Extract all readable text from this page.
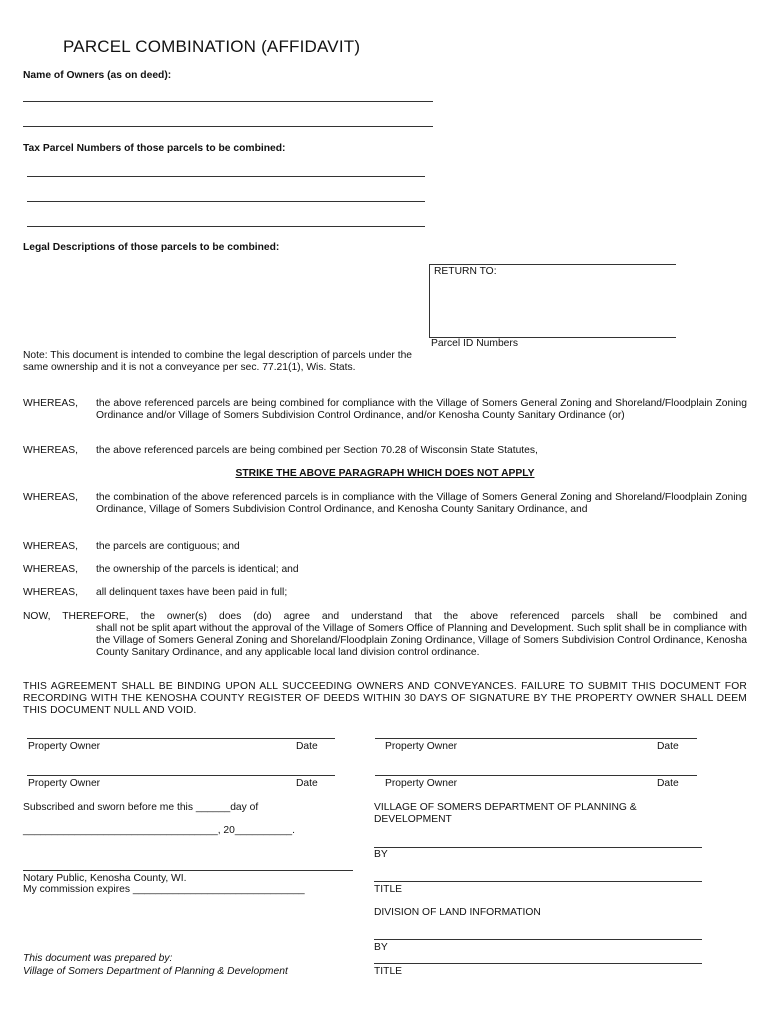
PARCEL COMBINATION (AFFIDAVIT)
Name of Owners (as on deed):
Tax Parcel Numbers of those parcels to be combined:
Legal Descriptions of those parcels to be combined:
RETURN TO:
Parcel ID Numbers
Note: This document is intended to combine the legal description of parcels under the same ownership and it is not a conveyance per sec. 77.21(1), Wis. Stats.
WHEREAS, the above referenced parcels are being combined for compliance with the Village of Somers General Zoning and Shoreland/Floodplain Zoning Ordinance and/or Village of Somers Subdivision Control Ordinance, and/or Kenosha County Sanitary Ordinance (or)
WHEREAS, the above referenced parcels are being combined per Section 70.28 of Wisconsin State Statutes,
STRIKE THE ABOVE PARAGRAPH WHICH DOES NOT APPLY
WHEREAS, the combination of the above referenced parcels is in compliance with the Village of Somers General Zoning and Shoreland/Floodplain Zoning Ordinance, Village of Somers Subdivision Control Ordinance, and Kenosha County Sanitary Ordinance, and
WHEREAS, the parcels are contiguous; and
WHEREAS, the ownership of the parcels is identical; and
WHEREAS, all delinquent taxes have been paid in full;
NOW, THEREFORE, the owner(s) does (do) agree and understand that the above referenced parcels shall be combined and
shall not be split apart without the approval of the Village of Somers Office of Planning and Development. Such split shall be in compliance with the Village of Somers General Zoning and Shoreland/Floodplain Zoning Ordinance, Village of Somers Subdivision Control Ordinance, Kenosha County Sanitary Ordinance, and any applicable local land division control ordinance.
THIS AGREEMENT SHALL BE BINDING UPON ALL SUCCEEDING OWNERS AND CONVEYANCES. FAILURE TO SUBMIT THIS DOCUMENT FOR RECORDING WITH THE KENOSHA COUNTY REGISTER OF DEEDS WITHIN 30 DAYS OF SIGNATURE BY THE PROPERTY OWNER SHALL DEEM THIS DOCUMENT NULL AND VOID.
Property Owner	Date
Property Owner	Date
Property Owner	Date
Property Owner	Date
Subscribed and sworn before me this ______day of
__________________________________, 20__________.
Notary Public, Kenosha County, WI.
My commission expires ______________________________
VILLAGE OF SOMERS DEPARTMENT OF PLANNING & DEVELOPMENT
BY
TITLE
DIVISION OF LAND INFORMATION
BY
TITLE
This document was prepared by:
Village of Somers Department of Planning & Development
